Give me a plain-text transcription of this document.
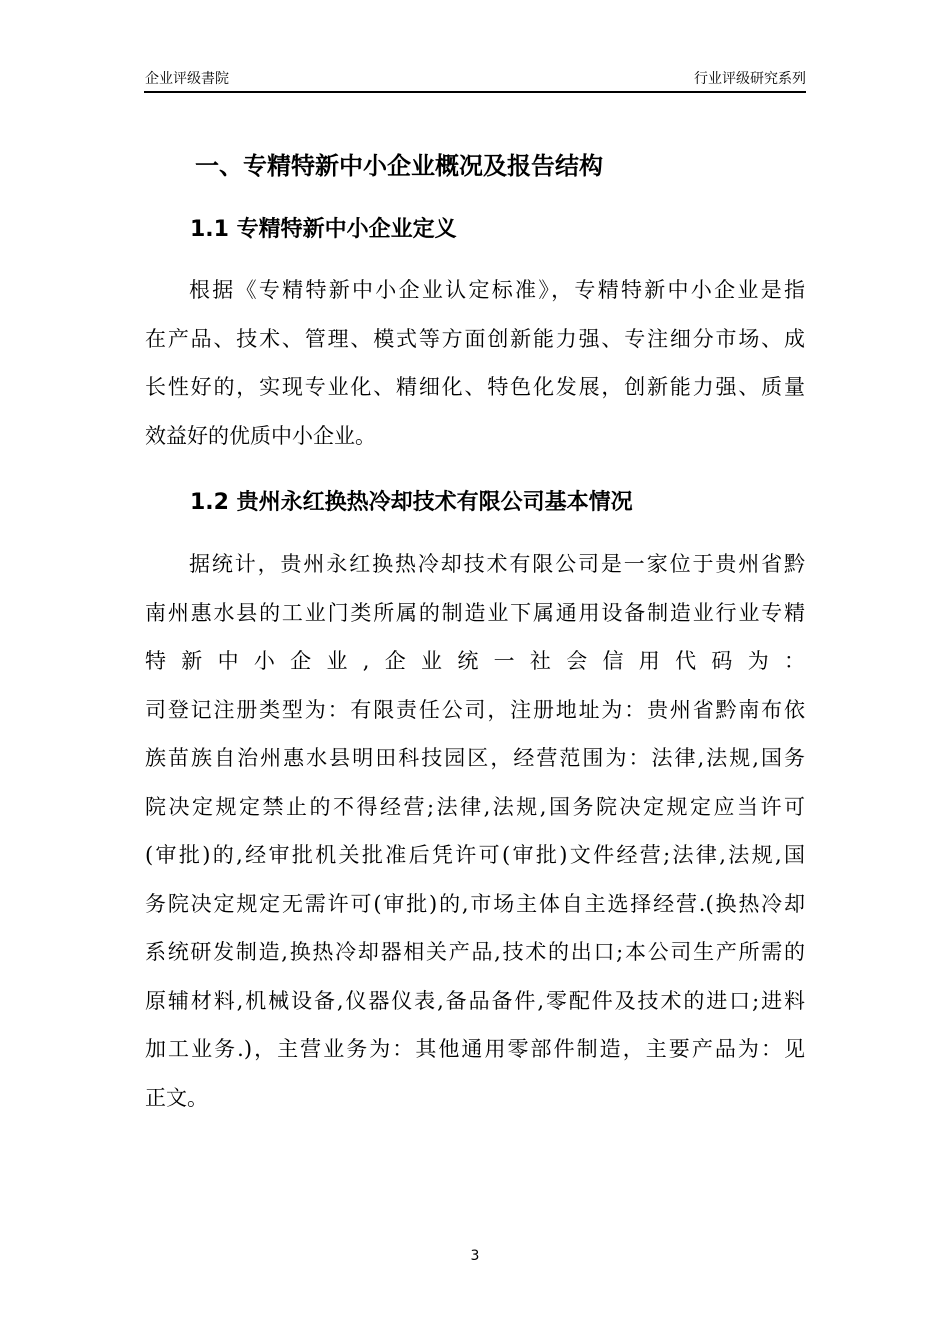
企业评级書院	行业评级研究系列
一、专精特新中小企业概况及报告结构
1.1 专精特新中小企业定义
根据《专精特新中小企业认定标准》，专精特新中小企业是指
在产品、技术、管理、模式等方面创新能力强、专注细分市场、成
长性好的，实现专业化、精细化、特色化发展，创新能力强、质量
效益好的优质中小企业。
1.2 贵州永红换热冷却技术有限公司基本情况
据统计，贵州永红换热冷却技术有限公司是一家位于贵州省黔
南州惠水县的工业门类所属的制造业下属通用设备制造业行业专精
特新中小企业,企业统一社会信用代码为：
司登记注册类型为：有限责任公司，注册地址为：贵州省黔南布依
族苗族自治州惠水县明田科技园区，经营范围为：法律,法规,国务
院决定规定禁止的不得经营;法律,法规,国务院决定规定应当许可
(审批)的,经审批机关批准后凭许可(审批)文件经营;法律,法规,国
务院决定规定无需许可(审批)的,市场主体自主选择经营.(换热冷却
系统研发制造,换热冷却器相关产品,技术的出口;本公司生产所需的
原辅材料,机械设备,仪器仪表,备品备件,零配件及技术的进口;进料
加工业务.)，主营业务为：其他通用零部件制造，主要产品为：见
正文。
3
